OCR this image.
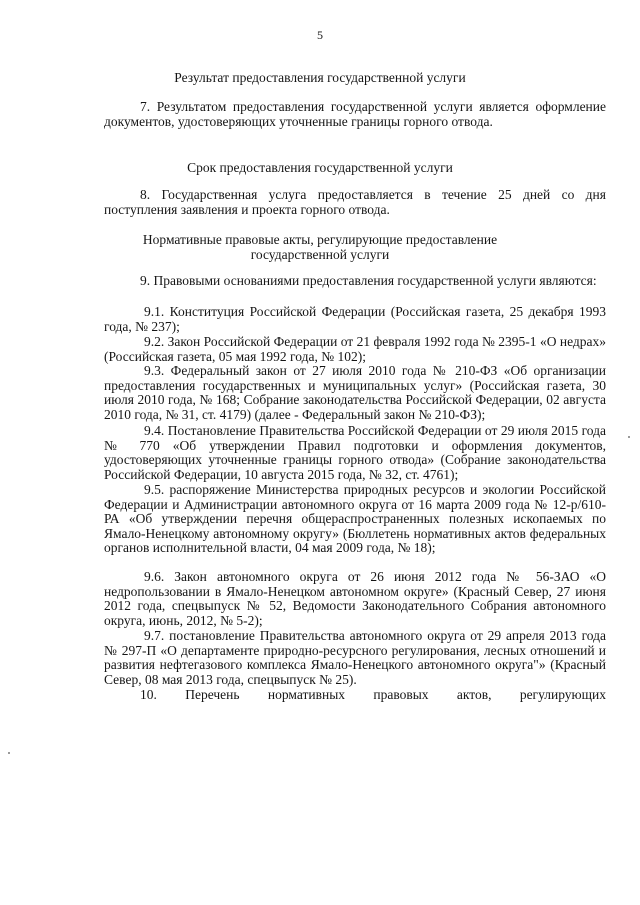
5
Результат предоставления государственной услуги
7. Результатом предоставления государственной услуги является оформление документов, удостоверяющих уточненные границы горного отвода.
Срок предоставления государственной услуги
8. Государственная услуга предоставляется в течение 25 дней со дня поступления заявления и проекта горного отвода.
Нормативные правовые акты, регулирующие предоставление
государственной услуги
9. Правовыми основаниями предоставления государственной услуги являются:
9.1. Конституция Российской Федерации (Российская газета, 25 декабря 1993 года, № 237);
9.2. Закон Российской Федерации от 21 февраля 1992 года № 2395-1 «О недрах» (Российская газета, 05 мая 1992 года, № 102);
9.3. Федеральный закон от 27 июля 2010 года № 210-ФЗ «Об организации предоставления государственных и муниципальных услуг» (Российская газета, 30 июля 2010 года, № 168; Собрание законодательства Российской Федерации, 02 августа 2010 года, № 31, ст. 4179) (далее - Федеральный закон № 210-ФЗ);
9.4. Постановление Правительства Российской Федерации от 29 июля 2015 года № 770 «Об утверждении Правил подготовки и оформления документов, удостоверяющих уточненные границы горного отвода» (Собрание законодательства Российской Федерации, 10 августа 2015 года, № 32, ст. 4761);
9.5. распоряжение Министерства природных ресурсов и экологии Российской Федерации и Администрации автономного округа от 16 марта 2009 года № 12-р/610-РА «Об утверждении перечня общераспространенных полезных ископаемых по Ямало-Ненецкому автономному округу» (Бюллетень нормативных актов федеральных органов исполнительной власти, 04 мая 2009 года, № 18);
9.6. Закон автономного округа от 26 июня 2012 года № 56-ЗАО «О недропользовании в Ямало-Ненецком автономном округе» (Красный Север, 27 июня 2012 года, спецвыпуск № 52, Ведомости Законодательного Собрания автономного округа, июнь, 2012, № 5-2);
9.7. постановление Правительства автономного округа от 29 апреля 2013 года № 297-П «О департаменте природно-ресурсного регулирования, лесных отношений и развития нефтегазового комплекса Ямало-Ненецкого автономного округа"» (Красный Север, 08 мая 2013 года, спецвыпуск № 25).
10. Перечень нормативных правовых актов, регулирующих
